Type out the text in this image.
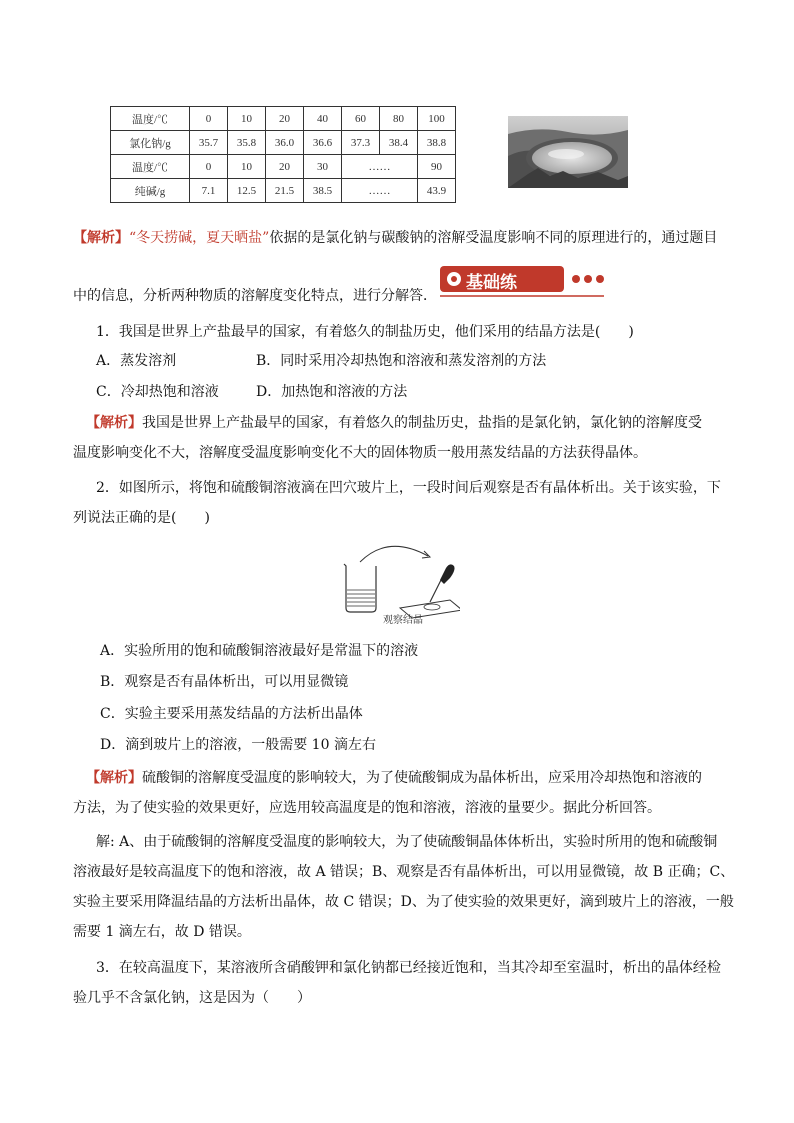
温度/℃	0	10	20	40	60	80	100
氯化钠/g	35.7	35.8	36.0	36.6	37.3	38.4	38.8
温度/℃	0	10	20	30	……		90
纯碱/g	7.1	12.5	21.5	38.5	……		43.9
【解析】“冬天捞碱，夏天晒盐”依据的是氯化钠与碳酸钠的溶解受温度影响不同的原理进行的，通过题目
中的信息，分析两种物质的溶解度变化特点，进行分解答．
基础练
1．我国是世界上产盐最早的国家，有着悠久的制盐历史，他们采用的结晶方法是(　　)
A．蒸发溶剂	B．同时采用冷却热饱和溶液和蒸发溶剂的方法
C．冷却热饱和溶液	D．加热饱和溶液的方法
【解析】我国是世界上产盐最早的国家，有着悠久的制盐历史，盐指的是氯化钠，氯化钠的溶解度受
温度影响变化不大，溶解度受温度影响变化不大的固体物质一般用蒸发结晶的方法获得晶体。
2．如图所示，将饱和硫酸铜溶液滴在凹穴玻片上，一段时间后观察是否有晶体析出。关于该实验，下
列说法正确的是(　　)
观察结晶
A．实验所用的饱和硫酸铜溶液最好是常温下的溶液
B．观察是否有晶体析出，可以用显微镜
C．实验主要采用蒸发结晶的方法析出晶体
D．滴到玻片上的溶液，一般需要 10 滴左右
【解析】硫酸铜的溶解度受温度的影响较大，为了使硫酸铜成为晶体析出，应采用冷却热饱和溶液的
方法，为了使实验的效果更好，应选用较高温度是的饱和溶液，溶液的量要少。据此分析回答。
解: A、由于硫酸铜的溶解度受温度的影响较大，为了使硫酸铜晶体体析出，实验时所用的饱和硫酸铜
溶液最好是较高温度下的饱和溶液，故 A 错误；B、观察是否有晶体析出，可以用显微镜，故 B 正确；C、
实验主要采用降温结晶的方法析出晶体，故 C 错误；D、为了使实验的效果更好，滴到玻片上的溶液，一般
需要 1 滴左右，故 D 错误。
3．在较高温度下，某溶液所含硝酸钾和氯化钠都已经接近饱和，当其冷却至室温时，析出的晶体经检
验几乎不含氯化钠，这是因为（　　）
